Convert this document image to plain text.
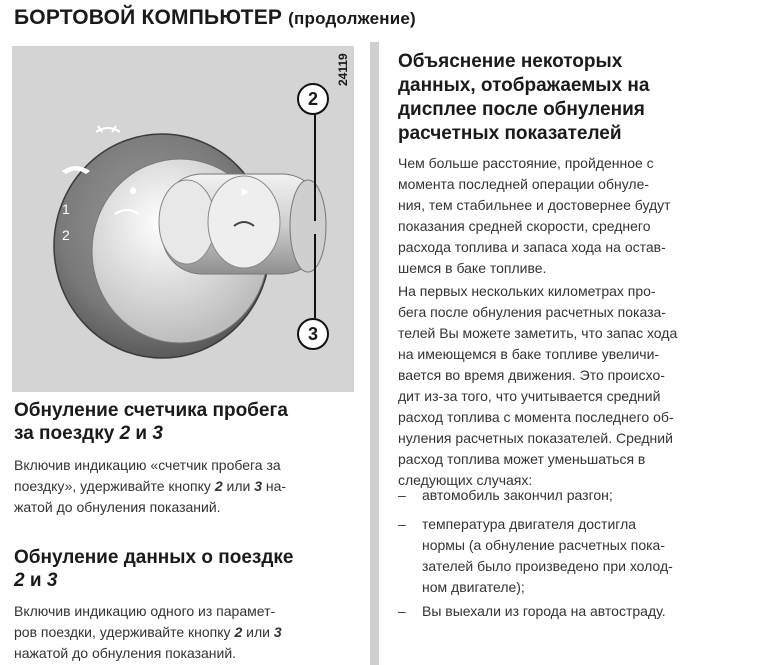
БОРТОВОЙ КОМПЬЮТЕР (продолжение)
1
2
24119
2
3
Обнуление счетчика пробега
за поездку 2 и 3
Включив индикацию «счетчик пробега за
поездку», удерживайте кнопку 2 или 3 на-
жатой до обнуления показаний.
Обнуление данных о поездке
2 и 3
Включив индикацию одного из парамет-
ров поездки, удерживайте кнопку 2 или 3
нажатой до обнуления показаний.
Объяснение некоторых
данных, отображаемых на
дисплее после обнуления
расчетных показателей
Чем больше расстояние, пройденное с
момента последней операции обнуле-
ния, тем стабильнее и достовернее будут
показания средней скорости, среднего
расхода топлива и запаса хода на остав-
шемся в баке топливе.
На первых нескольких километрах про-
бега после обнуления расчетных показа-
телей Вы можете заметить, что запас хода
на имеющемся в баке топливе увеличи-
вается во время движения. Это происхо-
дит из-за того, что учитывается средний
расход топлива с момента последнего об-
нуления расчетных показателей. Средний
расход топлива может уменьшаться в
следующих случаях:
– автомобиль закончил разгон;
– температура двигателя достигла
нормы (а обнуление расчетных пока-
зателей было произведено при холод-
ном двигателе);
– Вы выехали из города на автостраду.
